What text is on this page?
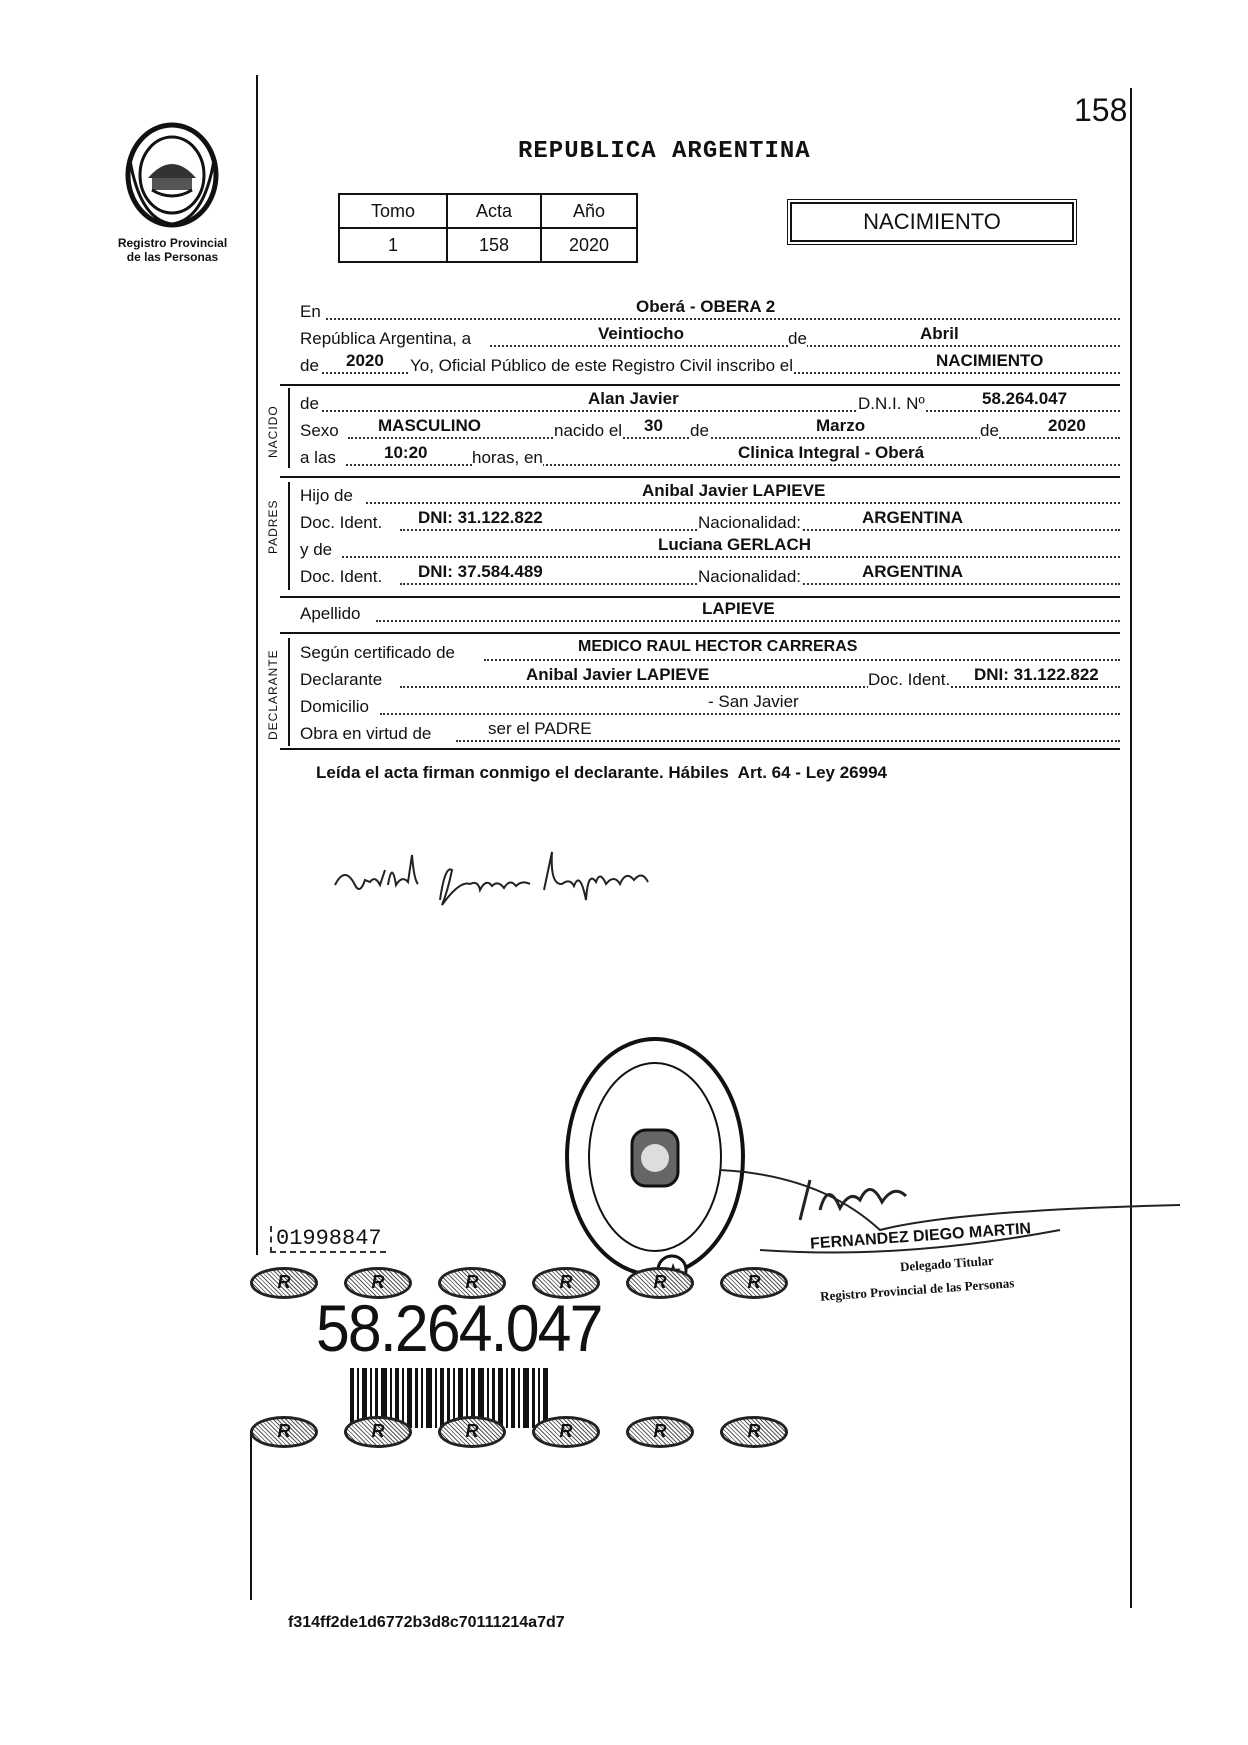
158
Registro Provincial
de las Personas
REPUBLICA ARGENTINA
Tomo	Acta	Año
1	158	2020
NACIMIENTO
En	Oberá - OBERA 2
República Argentina, a	Veintiocho	de	Abril
de 2020 Yo, Oficial Público de este Registro Civil inscribo el	NACIMIENTO
NACIDO
de	Alan Javier	D.N.I. Nº	58.264.047
Sexo MASCULINO	nacido el 30 de	Marzo	de	2020
a las	10:20	horas, en	Clinica Integral - Oberá
PADRES
Hijo de	Anibal Javier LAPIEVE
Doc. Ident. DNI: 31.122.822	Nacionalidad:	ARGENTINA
y de	Luciana GERLACH
Doc. Ident. DNI: 37.584.489	Nacionalidad:	ARGENTINA
Apellido	LAPIEVE
DECLARANTE Según certificado de	MEDICO RAUL HECTOR CARRERAS
Declarante	Anibal Javier LAPIEVE	Doc. Ident. DNI: 31.122.822
Domicilio	- San Javier
Obra en virtud de	ser el PADRE
Leída el acta firman conmigo el declarante. Hábiles  Art. 64 - Ley 26994
FERNANDEZ DIEGO MARTIN
Delegado Titular
Registro Provincial de las Personas
01998847
R	R	R	R	R	R
58.264.047
R	R	R	R	R	R
f314ff2de1d6772b3d8c70111214a7d7
